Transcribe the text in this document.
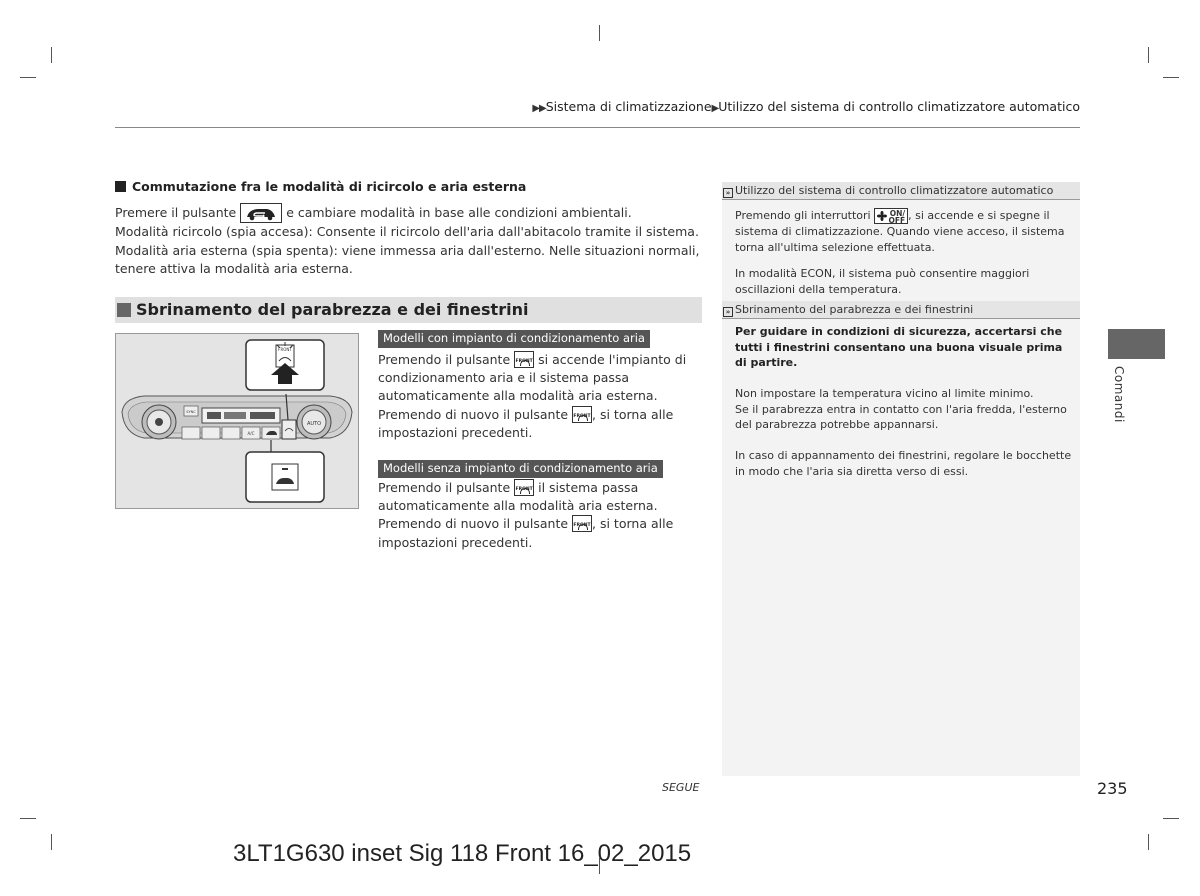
▶▶Sistema di climatizzazione▶Utilizzo del sistema di controllo climatizzatore automatico
Commutazione fra le modalità di ricircolo e aria esterna
Premere il pulsante	e cambiare modalità in base alle condizioni ambientali.
Modalità ricircolo (spia accesa): Consente il ricircolo dell'aria dall'abitacolo tramite il sistema.
Modalità aria esterna (spia spenta): viene immessa aria dall'esterno. Nelle situazioni normali,
tenere attiva la modalità aria esterna.
Sbrinamento del parabrezza e dei finestrini
AUTO
SYNC
A/C
FRONT
Modelli con impianto di condizionamento aria
Premendo il pulsante FRONT si accende l'impianto di condizionamento aria e il sistema passa automaticamente alla modalità aria esterna.
Premendo di nuovo il pulsante FRONT , si torna alle impostazioni precedenti.
Modelli senza impianto di condizionamento aria
Premendo il pulsante FRONT il sistema passa automaticamente alla modalità aria esterna.
Premendo di nuovo il pulsante FRONT , si torna alle impostazioni precedenti.
» Utilizzo del sistema di controllo climatizzatore automatico
Premendo gli interruttori	ON/
OFF , si accende e si spegne il sistema di climatizzazione. Quando viene acceso, il sistema torna all'ultima selezione effettuata.
In modalità ECON, il sistema può consentire maggiori oscillazioni della temperatura.
» Sbrinamento del parabrezza e dei finestrini
Per guidare in condizioni di sicurezza, accertarsi che tutti i finestrini consentano una buona visuale prima di partire.
Non impostare la temperatura vicino al limite minimo.
Se il parabrezza entra in contatto con l'aria fredda, l'esterno del parabrezza potrebbe appannarsi.
In caso di appannamento dei finestrini, regolare le bocchette in modo che l'aria sia diretta verso di essi.
Comandi
SEGUE	235
3LT1G630 inset Sig 118 Front 16_02_2015
